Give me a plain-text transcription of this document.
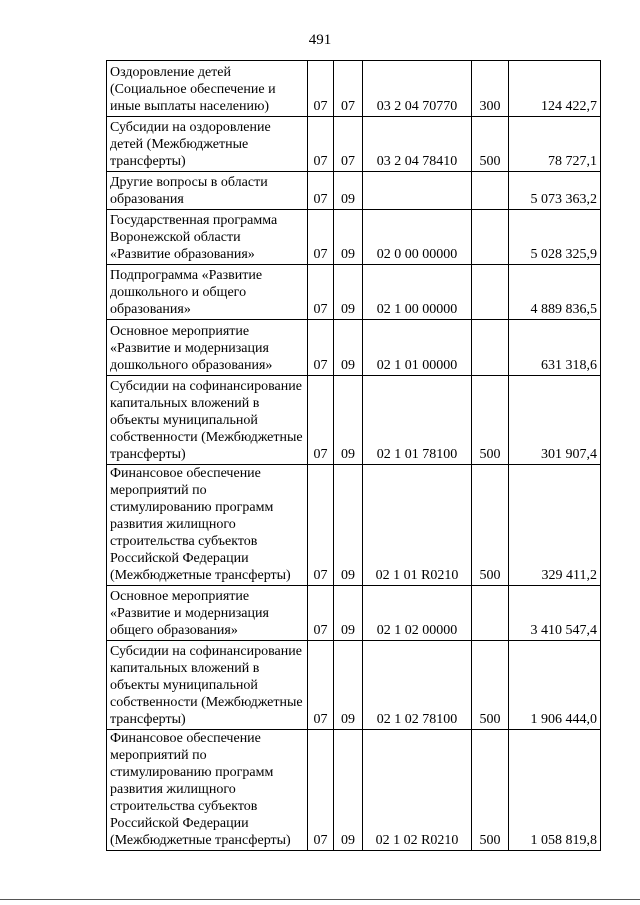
491
Оздоровление детей (Социальное обеспечение и иные выплаты населению)	07	07	03 2 04 70770	300	124 422,7
Субсидии на оздоровление детей (Межбюджетные трансферты)	07	07	03 2 04 78410	500	78 727,1
Другие вопросы в области образования	07	09			5 073 363,2
Государственная программа Воронежской области «Развитие образования»	07	09	02 0 00 00000		5 028 325,9
Подпрограмма «Развитие дошкольного и общего образования»	07	09	02 1 00 00000		4 889 836,5
Основное мероприятие «Развитие и модернизация дошкольного образования»	07	09	02 1 01 00000		631 318,6
Субсидии на софинансирование капитальных вложений в объекты муниципальной собственности (Межбюджетные трансферты)	07	09	02 1 01 78100	500	301 907,4
Финансовое обеспечение мероприятий по стимулированию программ развития жилищного строительства субъектов Российской Федерации (Межбюджетные трансферты)	07	09	02 1 01 R0210	500	329 411,2
Основное мероприятие «Развитие и модернизация общего образования»	07	09	02 1 02 00000		3 410 547,4
Субсидии на софинансирование капитальных вложений в объекты муниципальной собственности (Межбюджетные трансферты)	07	09	02 1 02 78100	500	1 906 444,0
Финансовое обеспечение мероприятий по стимулированию программ развития жилищного строительства субъектов Российской Федерации (Межбюджетные трансферты)	07	09	02 1 02 R0210	500	1 058 819,8
